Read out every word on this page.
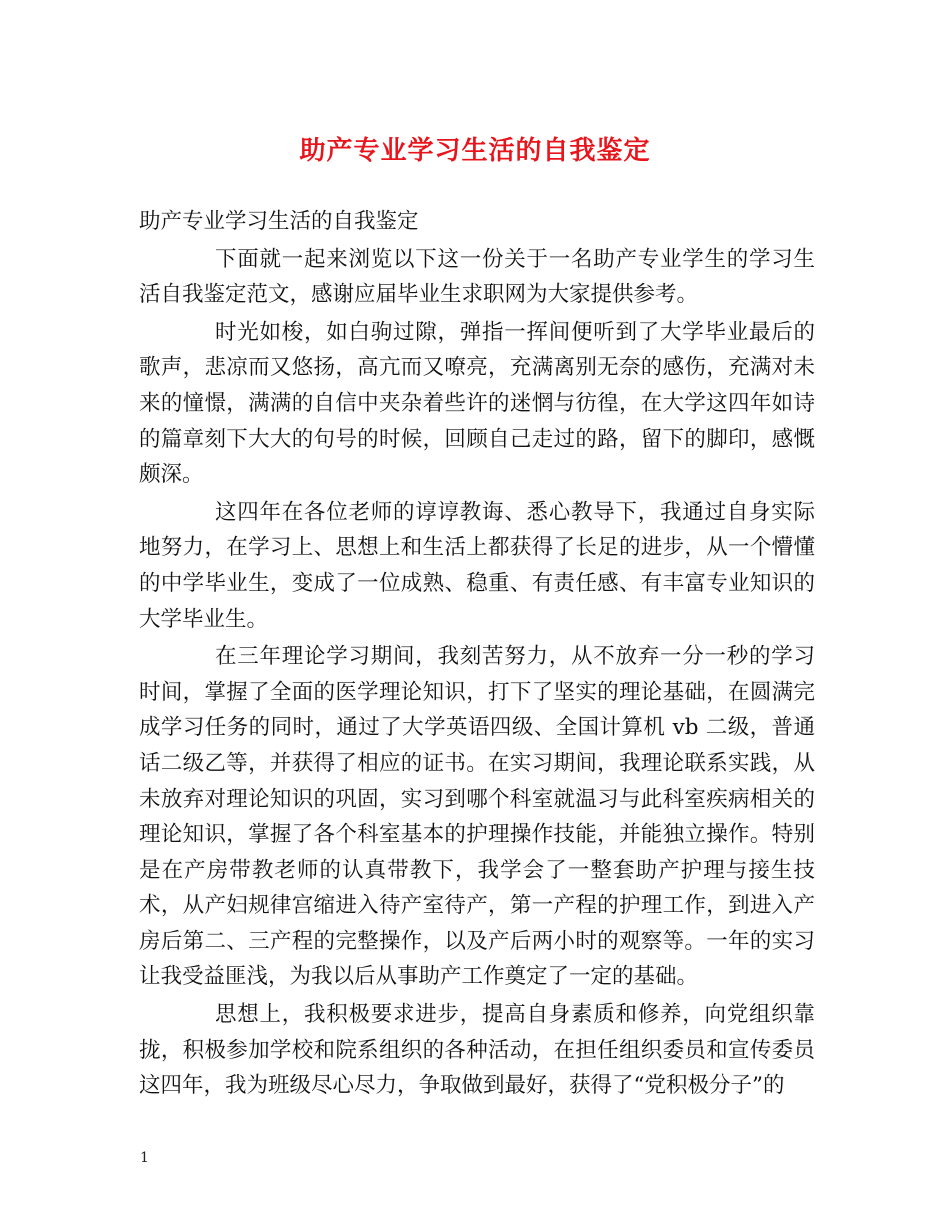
助产专业学习生活的自我鉴定

助产专业学习生活的自我鉴定

下面就一起来浏览以下这一份关于一名助产专业学生的学习生活自我鉴定范文，感谢应届毕业生求职网为大家提供参考。

时光如梭，如白驹过隙，弹指一挥间便听到了大学毕业最后的歌声，悲凉而又悠扬，高亢而又嘹亮，充满离别无奈的感伤，充满对未来的憧憬，满满的自信中夹杂着些许的迷惘与彷徨，在大学这四年如诗的篇章刻下大大的句号的时候，回顾自己走过的路，留下的脚印，感慨颇深。

这四年在各位老师的谆谆教诲、悉心教导下，我通过自身实际地努力，在学习上、思想上和生活上都获得了长足的进步，从一个懵懂的中学毕业生，变成了一位成熟、稳重、有责任感、有丰富专业知识的大学毕业生。

在三年理论学习期间，我刻苦努力，从不放弃一分一秒的学习时间，掌握了全面的医学理论知识，打下了坚实的理论基础，在圆满完成学习任务的同时，通过了大学英语四级、全国计算机 vb 二级，普通话二级乙等，并获得了相应的证书。在实习期间，我理论联系实践，从未放弃对理论知识的巩固，实习到哪个科室就温习与此科室疾病相关的理论知识，掌握了各个科室基本的护理操作技能，并能独立操作。特别是在产房带教老师的认真带教下，我学会了一整套助产护理与接生技术，从产妇规律宫缩进入待产室待产，第一产程的护理工作，到进入产房后第二、三产程的完整操作，以及产后两小时的观察等。一年的实习让我受益匪浅，为我以后从事助产工作奠定了一定的基础。

思想上，我积极要求进步，提高自身素质和修养，向党组织靠拢，积极参加学校和院系组织的各种活动，在担任组织委员和宣传委员这四年，我为班级尽心尽力，争取做到最好，获得了“党积极分子”的

1
